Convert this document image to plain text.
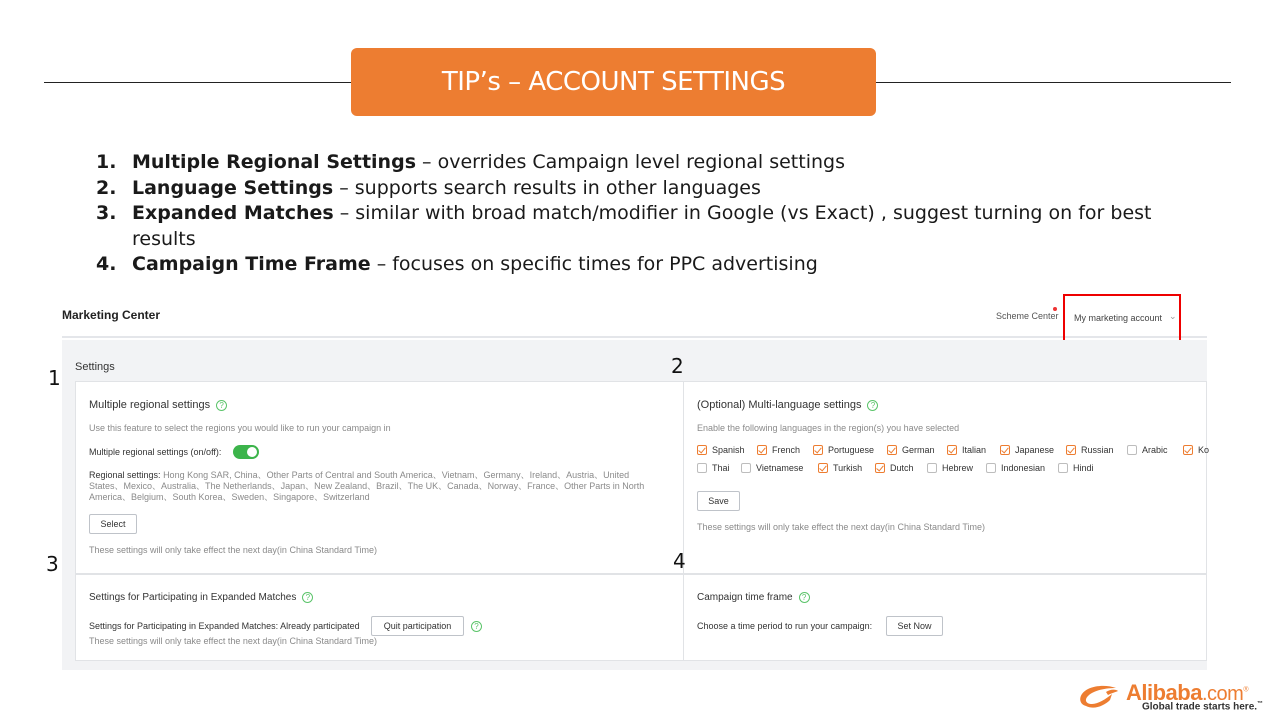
TIP’s – ACCOUNT SETTINGS
1. Multiple Regional Settings – overrides Campaign level regional settings
2. Language Settings – supports search results in other languages
3. Expanded Matches – similar with broad match/modifier in Google (vs Exact) , suggest turning on for best results
4. Campaign Time Frame – focuses on specific times for PPC advertising
Marketing Center	Scheme Center My marketing account ⌄
Settings
Multiple regional settings ?
Use this feature to select the regions you would like to run your campaign in
Multiple regional settings (on/off):
Regional settings: Hong Kong SAR, China、Other Parts of Central and South America、Vietnam、Germany、Ireland、Austria、United States、Mexico、Australia、The Netherlands、Japan、New Zealand、Brazil、The UK、Canada、Norway、France、Other Parts in North America、Belgium、South Korea、Sweden、Singapore、Switzerland
Select
These settings will only take effect the next day(in China Standard Time)
(Optional) Multi-language settings ?
Enable the following languages in the region(s) you have selected
Spanish	French	Portuguese	German	Italian	Japanese	Russian	Arabic	Ko
Thai	Vietnamese	Turkish	Dutch	Hebrew	Indonesian	Hindi
Save
These settings will only take effect the next day(in China Standard Time)
Settings for Participating in Expanded Matches ?
Settings for Participating in Expanded Matches: Already participated	Quit participation	?
These settings will only take effect the next day(in China Standard Time)
Campaign time frame ?
Choose a time period to run your campaign:	Set Now
1	2
3	4
Alibaba.com®
Global trade starts here.™
